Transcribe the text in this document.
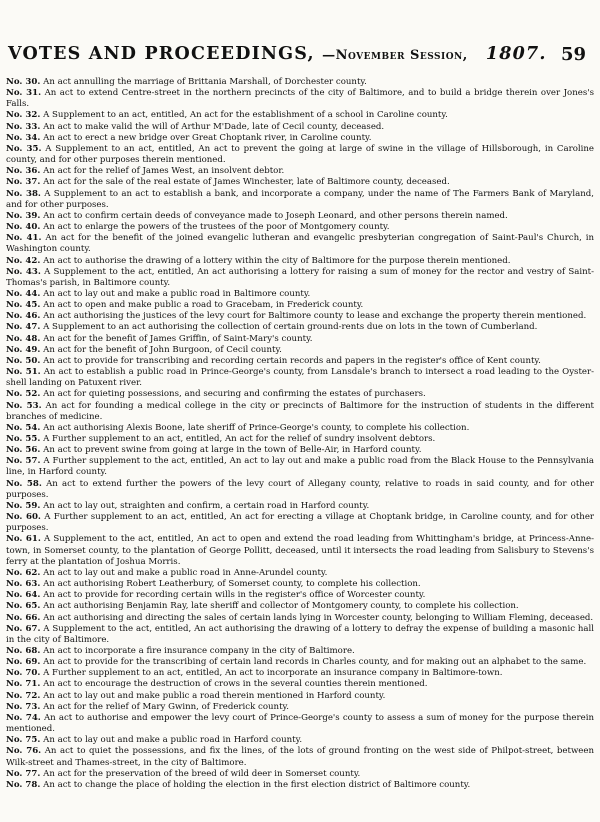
VOTES AND PROCEEDINGS, —November Session, 1807. 59

No. 30. An act annulling the marriage of Brittania Marshall, of Dorchester county.

No. 31. An act to extend Centre-street in the northern precincts of the city of Baltimore, and to build a bridge therein over Jones's Falls.

No. 32. A Supplement to an act, entitled, An act for the establishment of a school in Caroline county.

No. 33. An act to make valid the will of Arthur M'Dade, late of Cecil county, deceased.

No. 34. An act to erect a new bridge over Great Choptank river, in Caroline county.

No. 35. A Supplement to an act, entitled, An act to prevent the going at large of swine in the village of Hillsborough, in Caroline county, and for other purposes therein mentioned.

No. 36. An act for the relief of James West, an insolvent debtor.

No. 37. An act for the sale of the real estate of James Winchester, late of Baltimore county, deceased.

No. 38. A Supplement to an act to establish a bank, and incorporate a company, under the name of The Farmers Bank of Maryland, and for other purposes.

No. 39. An act to confirm certain deeds of conveyance made to Joseph Leonard, and other persons therein named.

No. 40. An act to enlarge the powers of the trustees of the poor of Montgomery county.

No. 41. An act for the benefit of the joined evangelic lutheran and evangelic presbyterian congregation of Saint-Paul's Church, in Washington county.

No. 42. An act to authorise the drawing of a lottery within the city of Baltimore for the purpose therein mentioned.

No. 43. A Supplement to the act, entitled, An act authorising a lottery for raising a sum of money for the rector and vestry of Saint-Thomas's parish, in Baltimore county.

No. 44. An act to lay out and make a public road in Baltimore county.

No. 45. An act to open and make public a road to Gracebam, in Frederick county.

No. 46. An act authorising the justices of the levy court for Baltimore county to lease and exchange the property therein mentioned.

No. 47. A Supplement to an act authorising the collection of certain ground-rents due on lots in the town of Cumberland.

No. 48. An act for the benefit of James Griffin, of Saint-Mary's county.

No. 49. An act for the benefit of John Burgoon, of Cecil county.

No. 50. An act to provide for transcribing and recording certain records and papers in the register's office of Kent county.

No. 51. An act to establish a public road in Prince-George's county, from Lansdale's branch to intersect a road leading to the Oyster-shell landing on Patuxent river.

No. 52. An act for quieting possessions, and securing and confirming the estates of purchasers.

No. 53. An act for founding a medical college in the city or precincts of Baltimore for the instruction of students in the different branches of medicine.

No. 54. An act authorising Alexis Boone, late sheriff of Prince-George's county, to complete his collection.

No. 55. A Further supplement to an act, entitled, An act for the relief of sundry insolvent debtors.

No. 56. An act to prevent swine from going at large in the town of Belle-Air, in Harford county.

No. 57. A Further supplement to the act, entitled, An act to lay out and make a public road from the Black House to the Pennsylvania line, in Harford county.

No. 58. An act to extend further the powers of the levy court of Allegany county, relative to roads in said county, and for other purposes.

No. 59. An act to lay out, straighten and confirm, a certain road in Harford county.

No. 60. A Further supplement to an act, entitled, An act for erecting a village at Choptank bridge, in Caroline county, and for other purposes.

No. 61. A Supplement to the act, entitled, An act to open and extend the road leading from Whittingham's bridge, at Princess-Anne-town, in Somerset county, to the plantation of George Pollitt, deceased, until it intersects the road leading from Salisbury to Stevens's ferry at the plantation of Joshua Morris.

No. 62. An act to lay out and make a public road in Anne-Arundel county.

No. 63. An act authorising Robert Leatherbury, of Somerset county, to complete his collection.

No. 64. An act to provide for recording certain wills in the register's office of Worcester county.

No. 65. An act authorising Benjamin Ray, late sheriff and collector of Montgomery county, to complete his collection.

No. 66. An act authorising and directing the sales of certain lands lying in Worcester county, belonging to William Fleming, deceased.

No. 67. A Supplement to the act, entitled, An act authorising the drawing of a lottery to defray the expense of building a masonic hall in the city of Baltimore.

No. 68. An act to incorporate a fire insurance company in the city of Baltimore.

No. 69. An act to provide for the transcribing of certain land records in Charles county, and for making out an alphabet to the same.

No. 70. A Further supplement to an act, entitled, An act to incorporate an insurance company in Baltimore-town.

No. 71. An act to encourage the destruction of crows in the several counties therein mentioned.

No. 72. An act to lay out and make public a road therein mentioned in Harford county.

No. 73. An act for the relief of Mary Gwinn, of Frederick county.

No. 74. An act to authorise and empower the levy court of Prince-George's county to assess a sum of money for the purpose therein mentioned.

No. 75. An act to lay out and make a public road in Harford county.

No. 76. An act to quiet the possessions, and fix the lines, of the lots of ground fronting on the west side of Philpot-street, between Wilk-street and Thames-street, in the city of Baltimore.

No. 77. An act for the preservation of the breed of wild deer in Somerset county.

No. 78. An act to change the place of holding the election in the first election district of Baltimore county.
